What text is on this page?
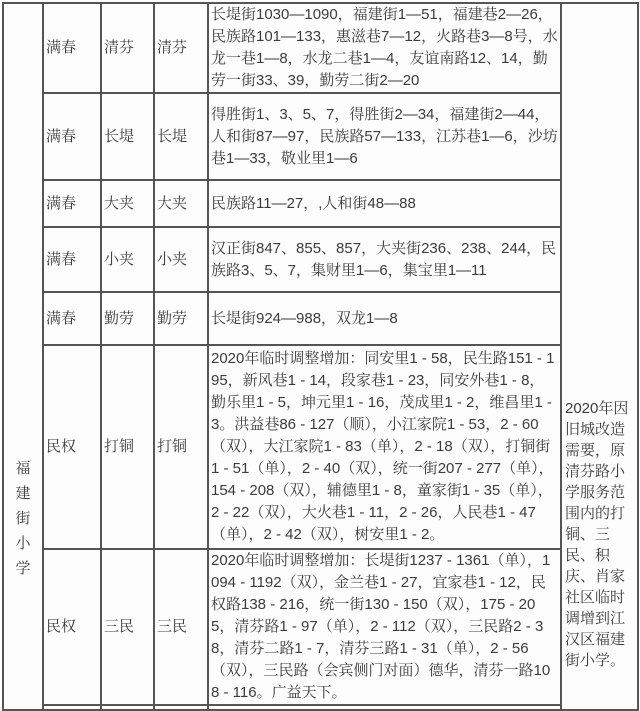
福建街小学	满春	清芬	清芬	长堤街1030—1090，福建街1—51，福建巷2—26，民族路101—133，惠滋巷7—12，火路巷3—8号，水龙一巷1—8，水龙二巷1—4，友谊南路12、14，勤劳一街33、39，勤劳二街2—20	2020年因旧城改造需要，原清芬路小学服务范围内的打铜、三民、积庆、肖家社区临时调增到江汉区福建街小学。

	满春	长堤	长堤	得胜街1、3、5、7，得胜街2—34，福建街2—44，人和街87—97，民族路57—133，江苏巷1—6，沙坊巷1—33，敬业里1—6	
	满春	大夹	大夹	民族路11—27，,人和街48—88	
	满春	小夹	小夹	汉正街847、855、857，大夹街236、238、244，民族路3、5、7，集财里1—6，集宝里1—11	
	满春	勤劳	勤劳	长堤街924—988，双龙1—8	
	民权	打铜	打铜	2020年临时调整增加：同安里1 - 58，民生路151 - 195，新风巷1 - 14，段家巷1 - 23，同安外巷1 - 8，勤乐里1 - 5，坤元里1 - 16，茂成里1 - 2，维昌里1 - 3。洪益巷86 - 127（顺），小江家院1 - 53，2 - 60（双），大江家院1 - 83（单），2 - 18（双），打铜街1 - 51（单），2 - 40（双），统一街207 - 277（单），154 - 208（双），辅德里1 - 8，童家街1 - 35（单），2 - 22（双），大火巷1 - 11，2 - 26，人民巷1 - 47（单），2 - 42（双），树安里1 - 2。	
	民权	三民	三民	2020年临时调整增加：长堤街1237 - 1361（单），1094 - 1192（双），金兰巷1 - 27，宜家巷1 - 12，民权路138 - 216，统一街130 - 150（双），175 - 205，清芬路1 - 97（单），2 - 112（双），三民路2 - 38，清芬二路1 - 7，清芬三路1 - 31（单），2 - 56（双），三民路（会宾侧门对面）德华，清芬一路108 - 116。广益天下。	
